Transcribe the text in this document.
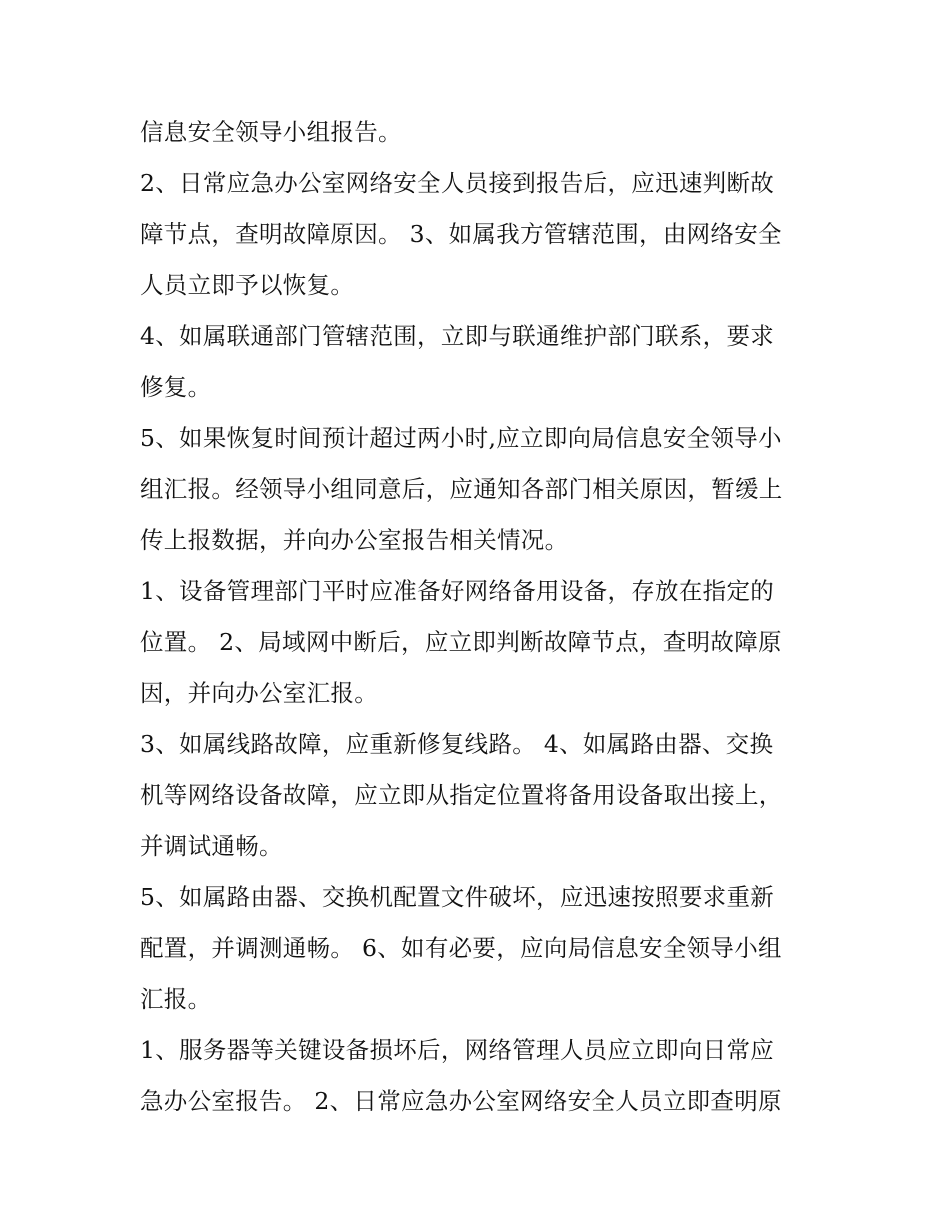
信息安全领导小组报告。
2、日常应急办公室网络安全人员接到报告后，应迅速判断故
障节点，查明故障原因。 3、如属我方管辖范围，由网络安全
人员立即予以恢复。
4、如属联通部门管辖范围，立即与联通维护部门联系，要求
修复。
5、如果恢复时间预计超过两小时,应立即向局信息安全领导小
组汇报。经领导小组同意后，应通知各部门相关原因，暂缓上
传上报数据，并向办公室报告相关情况。
1、设备管理部门平时应准备好网络备用设备，存放在指定的
位置。 2、局域网中断后，应立即判断故障节点，查明故障原
因，并向办公室汇报。
3、如属线路故障，应重新修复线路。 4、如属路由器、交换
机等网络设备故障，应立即从指定位置将备用设备取出接上，
并调试通畅。
5、如属路由器、交换机配置文件破坏，应迅速按照要求重新
配置，并调测通畅。 6、如有必要，应向局信息安全领导小组
汇报。
1、服务器等关键设备损坏后，网络管理人员应立即向日常应
急办公室报告。 2、日常应急办公室网络安全人员立即查明原
